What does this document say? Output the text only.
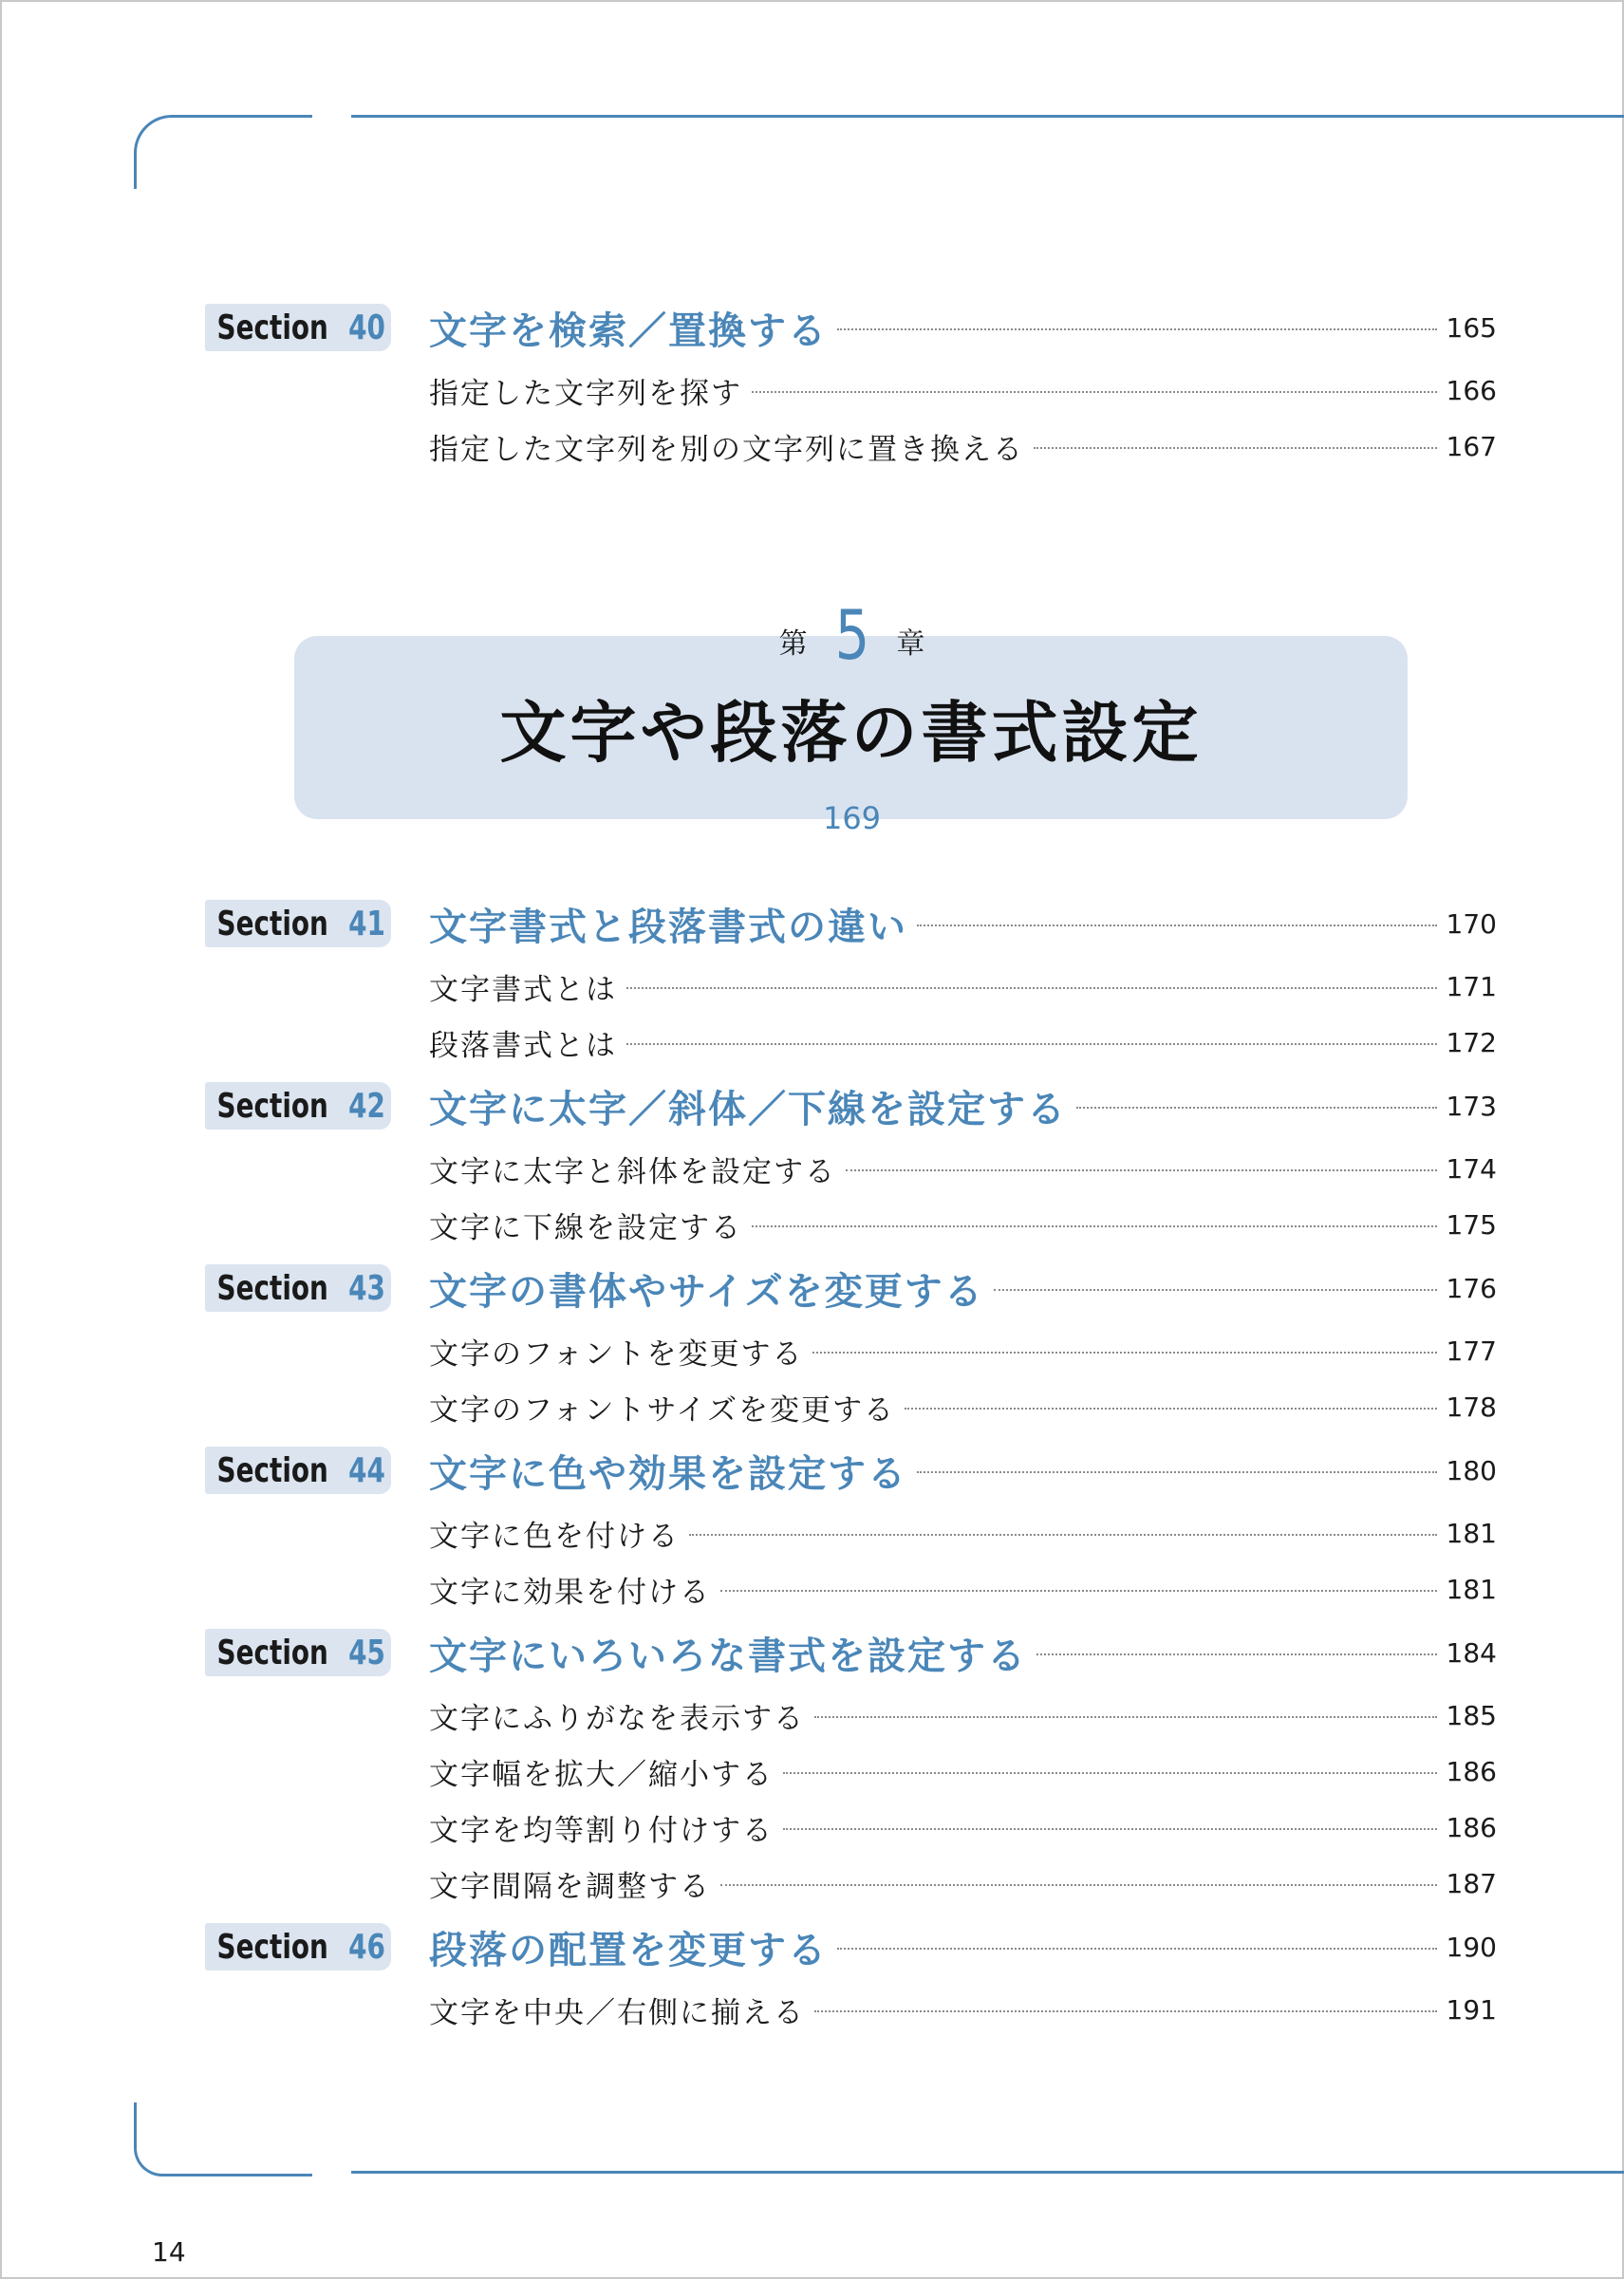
Section 40 文字を検索／置換する	165
指定した文字列を探す	166
指定した文字列を別の文字列に置き換える	167
文字や段落の書式設定
第 5 章
169
Section 41 文字書式と段落書式の違い	170
文字書式とは	171
段落書式とは	172
Section 42 文字に太字／斜体／下線を設定する	173
文字に太字と斜体を設定する	174
文字に下線を設定する	175
Section 43 文字の書体やサイズを変更する	176
文字のフォントを変更する	177
文字のフォントサイズを変更する	178
Section 44 文字に色や効果を設定する	180
文字に色を付ける	181
文字に効果を付ける	181
Section 45 文字にいろいろな書式を設定する	184
文字にふりがなを表示する	185
文字幅を拡大／縮小する	186
文字を均等割り付けする	186
文字間隔を調整する	187
Section 46 段落の配置を変更する	190
文字を中央／右側に揃える	191
14
